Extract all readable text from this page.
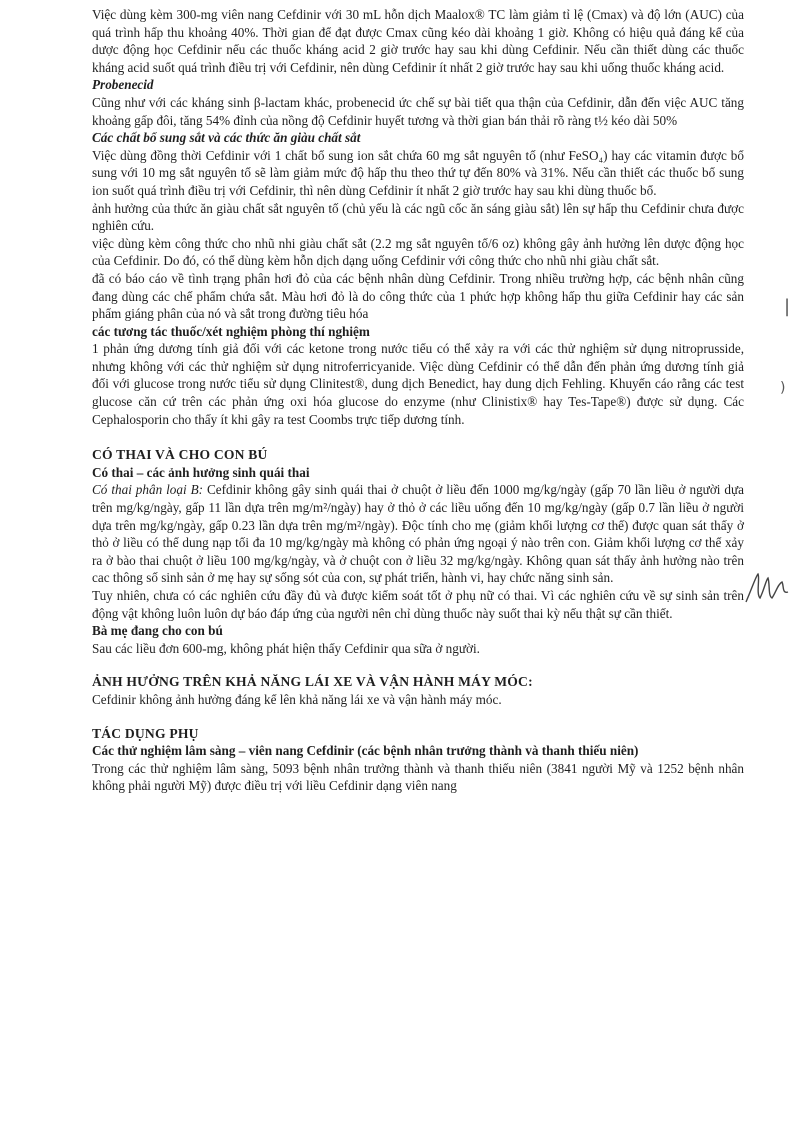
Việc dùng kèm 300-mg viên nang Cefdinir với 30 mL hỗn dịch Maalox® TC làm giảm tỉ lệ (Cmax) và độ lớn (AUC) của quá trình hấp thu khoảng 40%. Thời gian để đạt được Cmax cũng kéo dài khoảng 1 giờ. Không có hiệu quả đáng kể của dược động học Cefdinir nếu các thuốc kháng acid 2 giờ trước hay sau khi dùng Cefdinir. Nếu cần thiết dùng các thuốc kháng acid suốt quá trình điều trị với Cefdinir, nên dùng Cefdinir ít nhất 2 giờ trước hay sau khi uống thuốc kháng acid.

Probenecid

Cũng như với các kháng sinh β-lactam khác, probenecid ức chế sự bài tiết qua thận của Cefdinir, dẫn đến việc AUC tăng khoảng gấp đôi, tăng 54% đỉnh của nồng độ Cefdinir huyết tương và thời gian bán thải rõ ràng t½ kéo dài 50%

Các chất bổ sung sắt và các thức ăn giàu chất sắt

Việc dùng đồng thời Cefdinir với 1 chất bổ sung ion sắt chứa 60 mg sắt nguyên tố (như FeSO₄) hay các vitamin được bổ sung với 10 mg sắt nguyên tố sẽ làm giảm mức độ hấp thu theo thứ tự đến 80% và 31%. Nếu cần thiết các thuốc bổ sung ion suốt quá trình điều trị với Cefdinir, thì nên dùng Cefdinir ít nhất 2 giờ trước hay sau khi dùng thuốc bổ.

ảnh hưởng của thức ăn giàu chất sắt nguyên tố (chủ yếu là các ngũ cốc ăn sáng giàu sắt) lên sự hấp thu Cefdinir chưa được nghiên cứu.

việc dùng kèm công thức cho nhũ nhi giàu chất sắt (2.2 mg sắt nguyên tố/6 oz) không gây ảnh hưởng lên dược động học của Cefdinir. Do đó, có thể dùng kèm hỗn dịch dạng uống Cefdinir với công thức cho nhũ nhi giàu chất sắt.

đã có báo cáo về tình trạng phân hơi đỏ của các bệnh nhân dùng Cefdinir. Trong nhiều trường hợp, các bệnh nhân cũng đang dùng các chế phẩm chứa sắt. Màu hơi đỏ là do công thức của 1 phức hợp không hấp thu giữa Cefdinir hay các sản phẩm giáng phân của nó và sắt trong đường tiêu hóa

các tương tác thuốc/xét nghiệm phòng thí nghiệm

1 phản ứng dương tính giả đối với các ketone trong nước tiểu có thể xảy ra với các thử nghiệm sử dụng nitroprusside, nhưng không với các thử nghiệm sử dụng nitroferricyanide. Việc dùng Cefdinir có thể dẫn đến phản ứng dương tính giả đối với glucose trong nước tiểu sử dụng Clinitest®, dung dịch Benedict, hay dung dịch Fehling. Khuyến cáo rằng các test glucose căn cứ trên các phản ứng oxi hóa glucose do enzyme (như Clinistix® hay Tes-Tape®) được sử dụng. Các Cephalosporin cho thấy ít khi gây ra test Coombs trực tiếp dương tính.

CÓ THAI VÀ CHO CON BÚ

Có thai – các ảnh hưởng sinh quái thai

Có thai phân loại B: Cefdinir không gây sinh quái thai ở chuột ở liều đến 1000 mg/kg/ngày (gấp 70 lần liều ở người dựa trên mg/kg/ngày, gấp 11 lần dựa trên mg/m²/ngày) hay ở thỏ ở các liều uống đến 10 mg/kg/ngày (gấp 0.7 lần liều ở người dựa trên mg/kg/ngày, gấp 0.23 lần dựa trên mg/m²/ngày). Độc tính cho mẹ (giảm khối lượng cơ thể) được quan sát thấy ở thỏ ở liều có thể dung nạp tối đa 10 mg/kg/ngày mà không có phản ứng ngoại ý nào trên con. Giảm khối lượng cơ thể xảy ra ở bào thai chuột ở liều 100 mg/kg/ngày, và ở chuột con ở liều 32 mg/kg/ngày. Không quan sát thấy ảnh hưởng nào trên cac thông số sinh sản ở mẹ hay sự sống sót của con, sự phát triển, hành vi, hay chức năng sinh sản.

Tuy nhiên, chưa có các nghiên cứu đầy đủ và được kiểm soát tốt ở phụ nữ có thai. Vì các nghiên cứu về sự sinh sản trên động vật không luôn luôn dự báo đáp ứng của người nên chỉ dùng thuốc này suốt thai kỳ nếu thật sự cần thiết.

Bà mẹ đang cho con bú

Sau các liều đơn 600-mg, không phát hiện thấy Cefdinir qua sữa ở người.

ẢNH HƯỞNG TRÊN KHẢ NĂNG LÁI XE VÀ VẬN HÀNH MÁY MÓC:

Cefdinir không ảnh hưởng đáng kể lên khả năng lái xe và vận hành máy móc.

TÁC DỤNG PHỤ

Các thử nghiệm lâm sàng – viên nang Cefdinir (các bệnh nhân trưởng thành và thanh thiếu niên)

Trong các thử nghiệm lâm sàng, 5093 bệnh nhân trưởng thành và thanh thiếu niên (3841 người Mỹ và 1252 bệnh nhân không phải người Mỹ) được điều trị với liều Cefdinir dạng viên nang

|
)
